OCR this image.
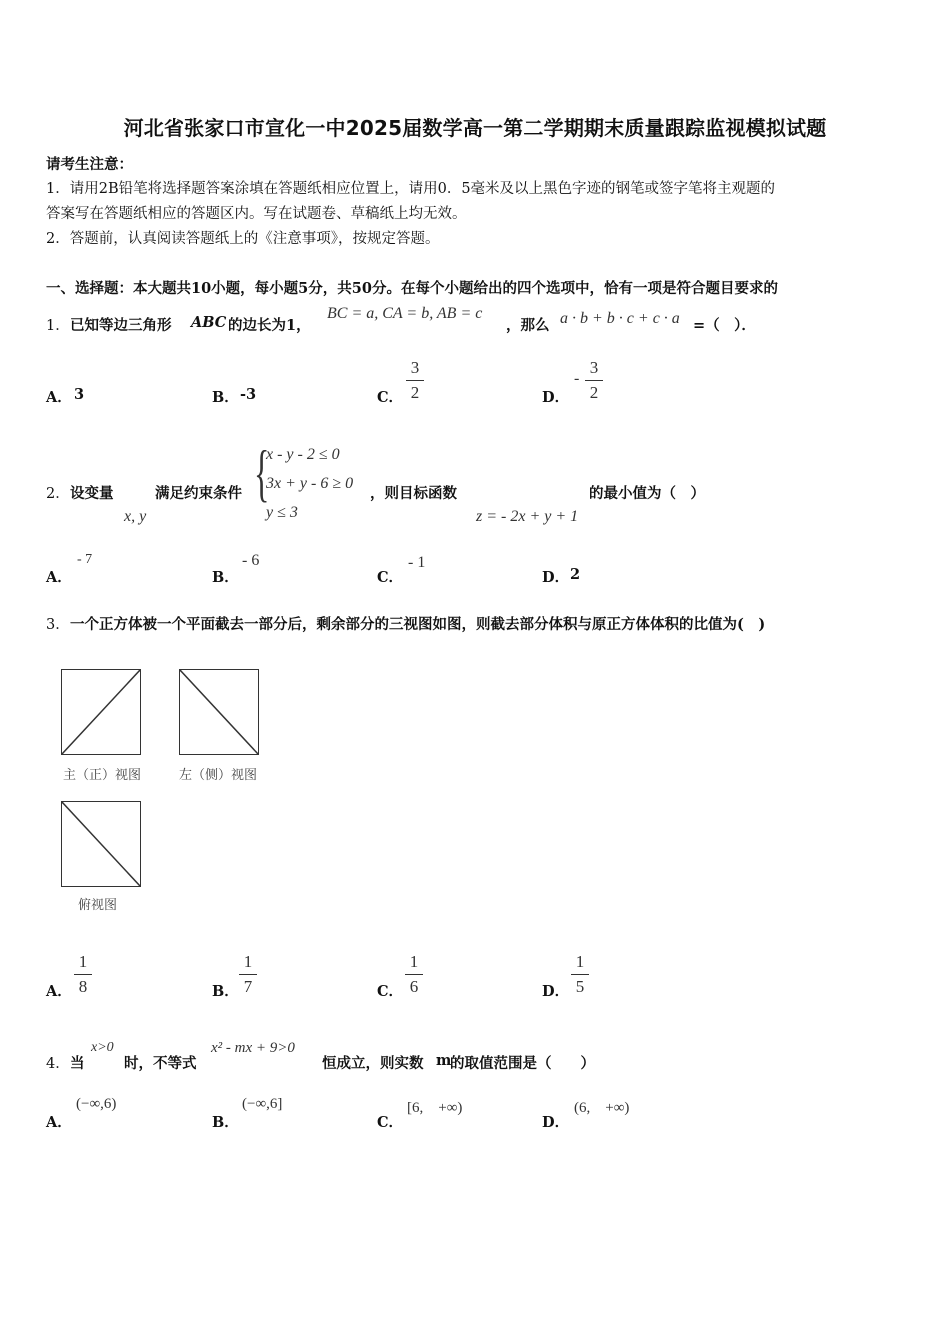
河北省张家口市宣化一中2025届数学高一第二学期期末质量跟踪监视模拟试题
请考生注意：
1．请用2B铅笔将选择题答案涂填在答题纸相应位置上，请用0．5毫米及以上黑色字迹的钢笔或签字笔将主观题的
答案写在答题纸相应的答题区内。写在试题卷、草稿纸上均无效。
2．答题前，认真阅读答题纸上的《注意事项》，按规定答题。
一、选择题：本大题共10小题，每小题5分，共50分。在每个小题给出的四个选项中，恰有一项是符合题目要求的
1． 已知等边三角形 ABC 的边长为1，
BC = a, CA = b, AB = c
，那么 a · b + b · c + c · a =（　）．
A． 3	B． -3	C．
3
2	D．
-
3
2
2． 设变量
x, y
满足约束条件 {
x - y - 2 ≤ 0
3x + y - 6 ≥ 0
y ≤ 3
，则目标函数
z = - 2x + y + 1
的最小值为（　）
A．
- 7
B．
- 6
C．
- 1
D． 2
3． 一个正方体被一个平面截去一部分后，剩余部分的三视图如图，则截去部分体积与原正方体体积的比值为(　)
主（正）视图	左（侧）视图
俯视图
A．
1
8	B．
1
7	C．
1
6	D．
1
5
4． 当
x>0
时，不等式
x² - mx + 9>0
恒成立，则实数 m
的取值范围是（　　）
A．
(−∞,6)
B．
(−∞,6]
C．
[6,　+∞)
D．
(6,　+∞)
